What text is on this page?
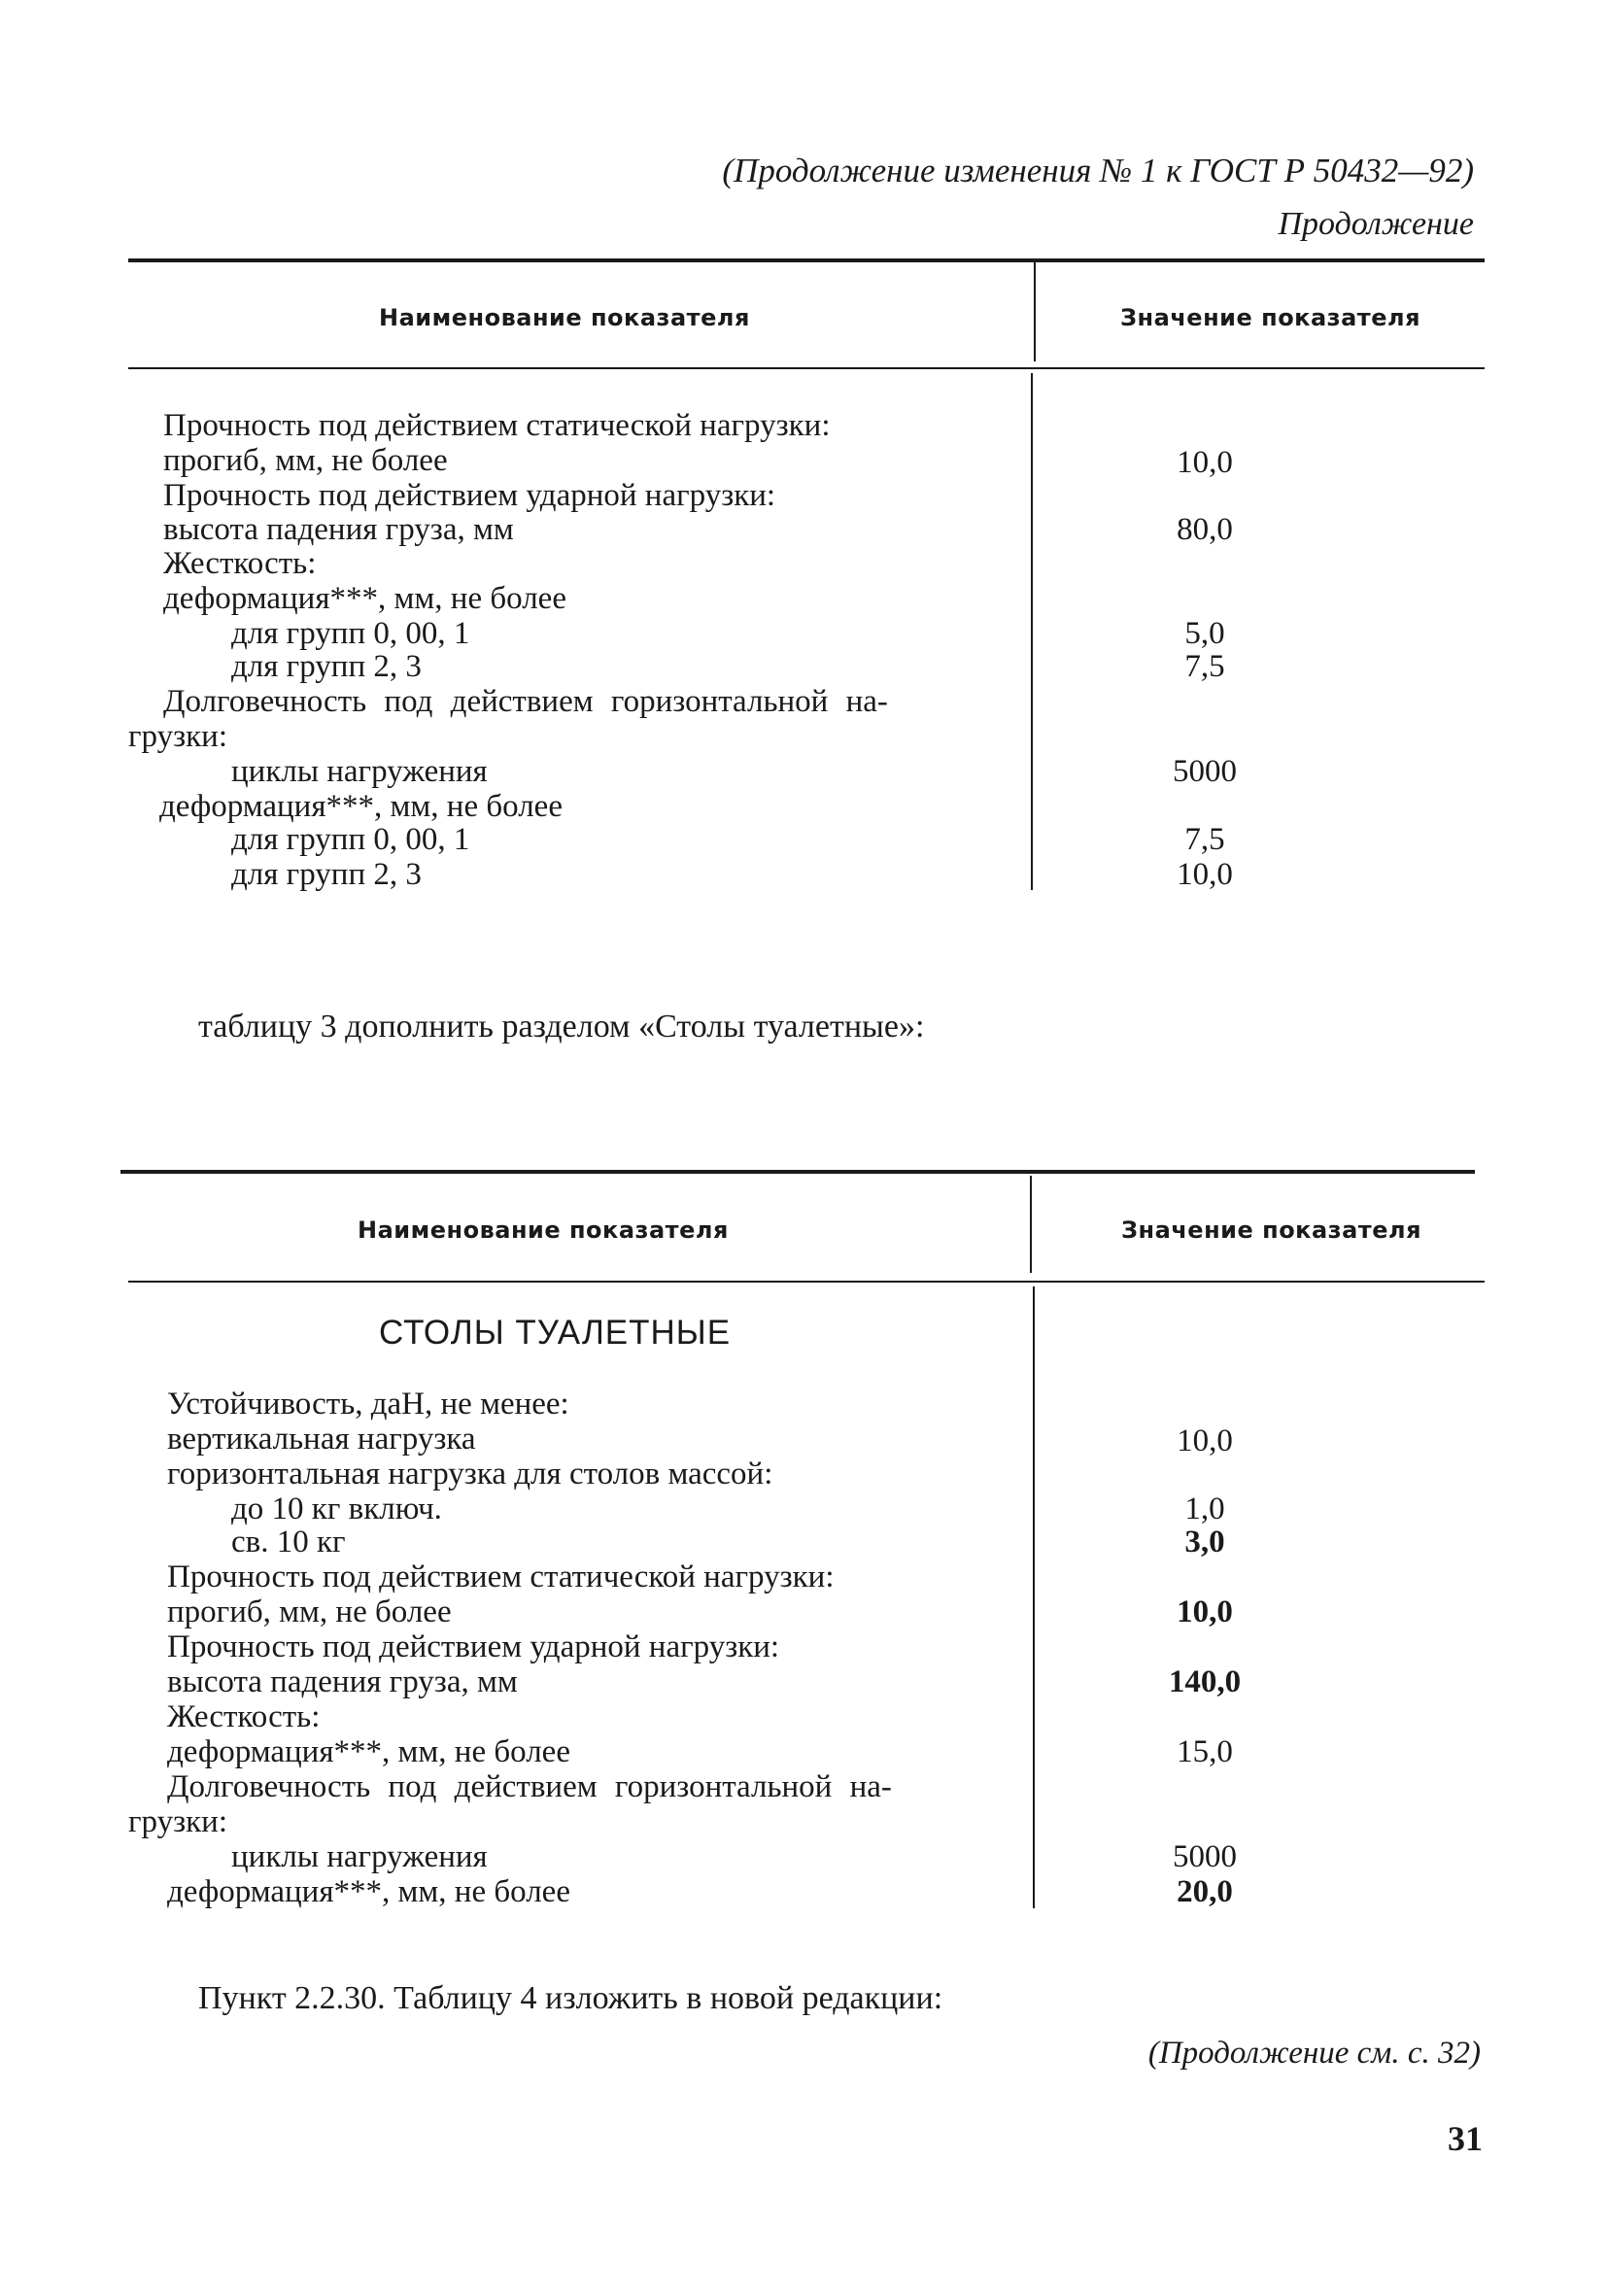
(Продолжение изменения № 1 к ГОСТ Р 50432—92)
Продолжение
Наименование показателя	Значение показателя
Прочность под действием статической нагрузки:
прогиб, мм, не более	10,0
Прочность под действием ударной нагрузки:
высота падения груза, мм	80,0
Жесткость:
деформация***, мм, не более
для групп 0, 00, 1	5,0
для групп 2, 3	7,5
Долговечность под действием горизонтальной на-
грузки:
циклы нагружения	5000
деформация***, мм, не более
для групп 0, 00, 1	7,5
для групп 2, 3	10,0
таблицу 3 дополнить разделом «Столы туалетные»:
Наименование показателя	Значение показателя
СТОЛЫ ТУАЛЕТНЫЕ
Устойчивость, даН, не менее:
вертикальная нагрузка	10,0
горизонтальная нагрузка для столов массой:
до 10 кг включ.	1,0
св. 10 кг	3,0
Прочность под действием статической нагрузки:
прогиб, мм, не более	10,0
Прочность под действием ударной нагрузки:
высота падения груза, мм	140,0
Жесткость:
деформация***, мм, не более	15,0
Долговечность под действием горизонтальной на-
грузки:
циклы нагружения	5000
деформация***, мм, не более	20,0
Пункт 2.2.30. Таблицу 4 изложить в новой редакции:
(Продолжение см. с. 32)
31
